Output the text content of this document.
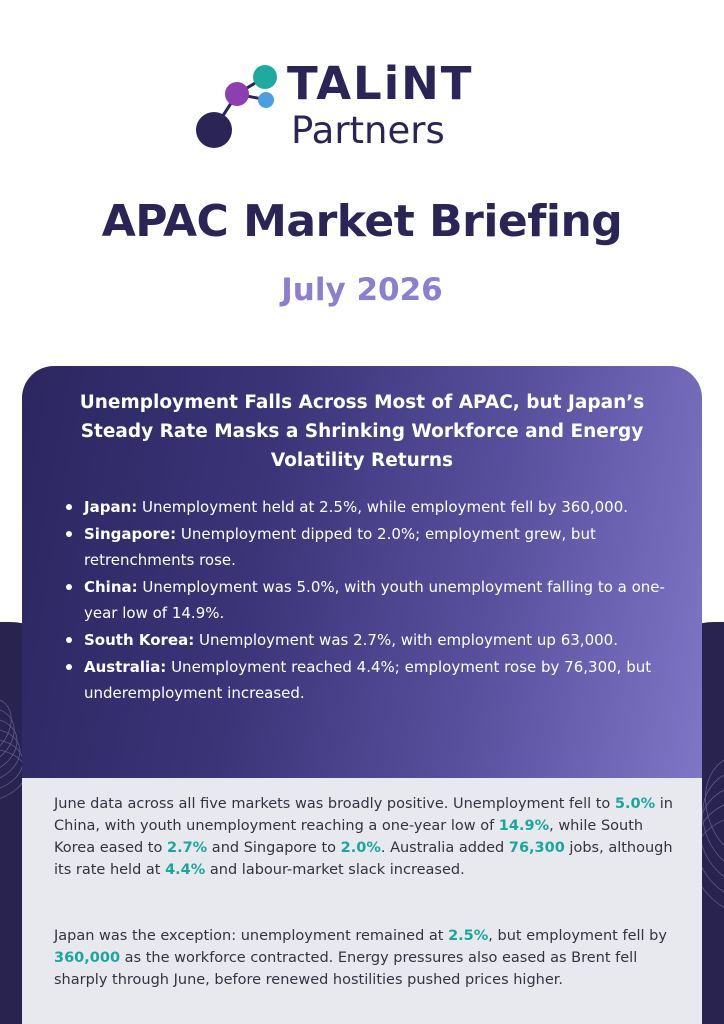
TALiNT
Partners
APAC Market Briefing
July 2026
Unemployment Falls Across Most of APAC, but Japan’s Steady Rate Masks a Shrinking Workforce and Energy Volatility Returns
Japan: Unemployment held at 2.5%, while employment fell by 360,000.
Singapore: Unemployment dipped to 2.0%; employment grew, but retrenchments rose.
China: Unemployment was 5.0%, with youth unemployment falling to a one-year low of 14.9%.
South Korea: Unemployment was 2.7%, with employment up 63,000.
Australia: Unemployment reached 4.4%; employment rose by 76,300, but underemployment increased.

June data across all five markets was broadly positive. Unemployment fell to 5.0% in China, with youth unemployment reaching a one-year low of 14.9%, while South Korea eased to 2.7% and Singapore to 2.0%. Australia added 76,300 jobs, although its rate held at 4.4% and labour-market slack increased.

Japan was the exception: unemployment remained at 2.5%, but employment fell by 360,000 as the workforce contracted. Energy pressures also eased as Brent fell sharply through June, before renewed hostilities pushed prices higher.
